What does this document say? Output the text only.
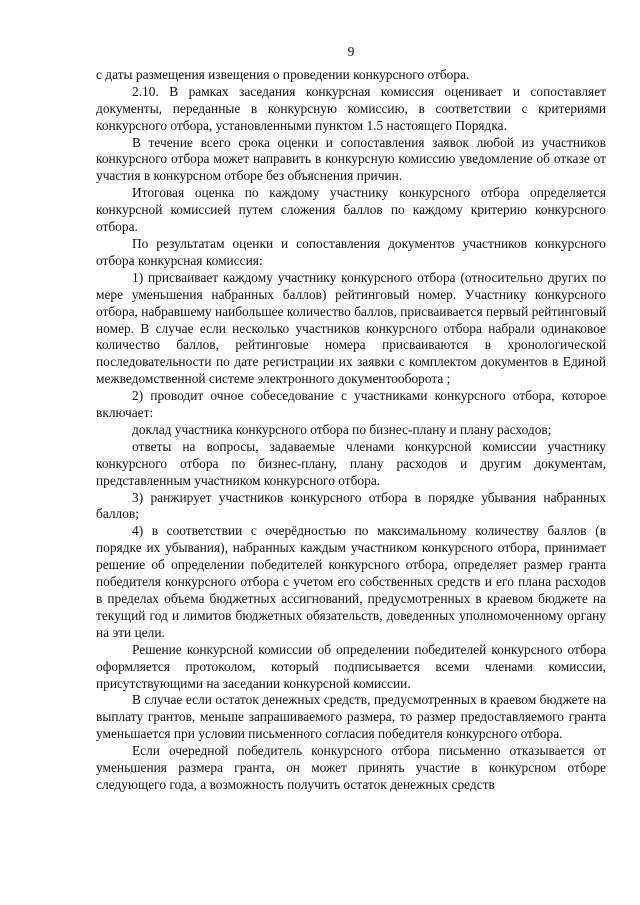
9

с даты размещения извещения о проведении конкурсного отбора.

2.10. В рамках заседания конкурсная комиссия оценивает и сопоставляет документы, переданные в конкурсную комиссию, в соответствии с критериями конкурсного отбора, установленными пунктом 1.5 настоящего Порядка.

В течение всего срока оценки и сопоставления заявок любой из участников конкурсного отбора может направить в конкурсную комиссию уведомление об отказе от участия в конкурсном отборе без объяснения причин.

Итоговая оценка по каждому участнику конкурсного отбора определяется конкурсной комиссией путем сложения баллов по каждому критерию конкурсного отбора.

По результатам оценки и сопоставления документов участников конкурсного отбора конкурсная комиссия:

1) присваивает каждому участнику конкурсного отбора (относительно других по мере уменьшения набранных баллов) рейтинговый номер. Участнику конкурсного отбора, набравшему наибольшее количество баллов, присваивается первый рейтинговый номер. В случае если несколько участников конкурсного отбора набрали одинаковое количество баллов, рейтинговые номера присваиваются в хронологической последовательности по дате регистрации их заявки с комплектом документов в Единой межведомственной системе электронного документооборота ;

2) проводит очное собеседование с участниками конкурсного отбора, которое включает:

доклад участника конкурсного отбора по бизнес-плану и плану расходов;

ответы на вопросы, задаваемые членами конкурсной комиссии участнику конкурсного отбора по бизнес-плану, плану расходов и другим документам, представленным участником конкурсного отбора.

3) ранжирует участников конкурсного отбора в порядке убывания набранных баллов;

4) в соответствии с очерёдностью по максимальному количеству баллов (в порядке их убывания), набранных каждым участником конкурсного отбора, принимает решение об определении победителей конкурсного отбора, определяет размер гранта победителя конкурсного отбора с учетом его собственных средств и его плана расходов в пределах объема бюджетных ассигнований, предусмотренных в краевом бюджете на текущий год и лимитов бюджетных обязательств, доведенных уполномоченному органу на эти цели.

Решение конкурсной комиссии об определении победителей конкурсного отбора оформляется протоколом, который подписывается всеми членами комиссии, присутствующими на заседании конкурсной комиссии.

В случае если остаток денежных средств, предусмотренных в краевом бюджете на выплату грантов, меньше запрашиваемого размера, то размер предоставляемого гранта уменьшается при условии письменного согласия победителя конкурсного отбора.

Если очередной победитель конкурсного отбора письменно отказывается от уменьшения размера гранта, он может принять участие в конкурсном отборе следующего года, а возможность получить остаток денежных средств
